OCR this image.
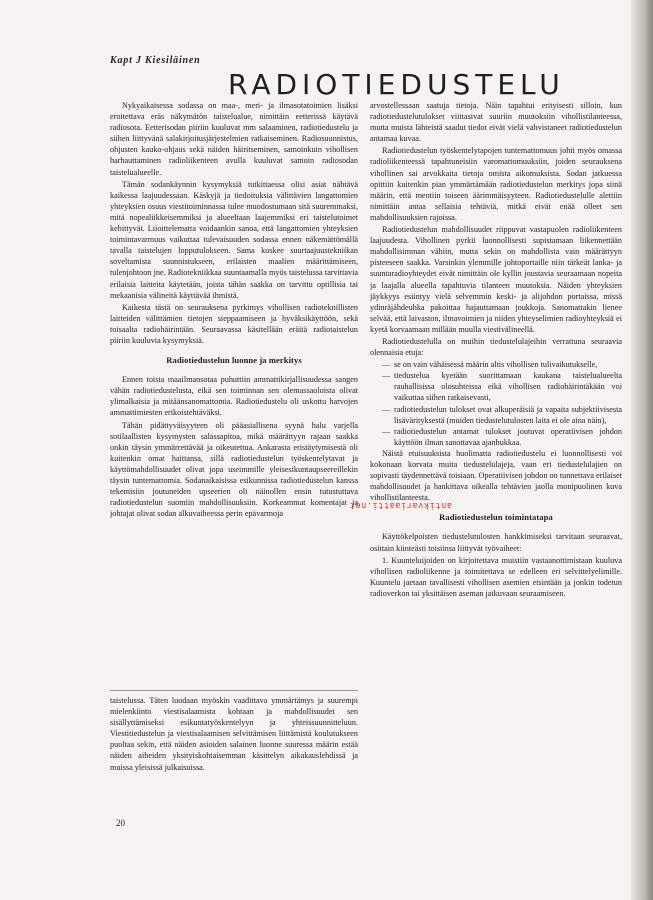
Kapt J Kiesiläinen

RADIOTIEDUSTELU

Nykyaikaisessa sodassa on maa-, meri- ja ilmasotatoimien lisäksi eroitettava eräs näkymätön taistelualue, nimittäin eetterissä käytävä radiosota. Eetterisodan piiriin kuuluvat mm salaaminen, radiotiedustelu ja siihen liittyvänä salakirjoitusjärjestelmien ratkaiseminen. Radiosuunnistus, ohjusten kauko-ohjaus sekä näiden häiritseminen, samoinkuin vihollisen harhauttaminen radioliikenteen avulla kuuluvat samoin radiosodan taistelualueelle.

Tämän sodankäynnin kysymyksiä tutkittaessa olisi asiat nähtävä kaikessa laajuudessaan. Käskyjä ja tiedoituksia välittävien langattomien yhteyksien osuus viestitoiminnassa tulee muodostumaan sitä suuremmaksi, mitä nopealiikkeisemmiksi ja alueeltaan laajemmiksi eri taistelutoimet kehittyvät. Liioittelematta voidaankin sanoa, että langattomien yhteyksien toimintavarmuus vaikuttaa tulevaisuuden sodassa ennen näkemättömällä tavalla taistelujen lopputulokseen. Sama koskee suurtaajuustekniikan soveltamista suunnistukseen, erilaisten maalien määrittämiseen, tulenjohtoon jne. Radiotekniikkaa suuntaamalla myös taistelussa tarvittavia erilaisia laitteita käytetään, joista tähän saakka on tarvittu optillisia tai mekaanisia välineitä käyttävää ihmistä.

Kaikesta tästä on seurauksena pyrkimys vihollisen radioteknillisten laitteiden välittämien tietojen sieppaamiseen ja hyväksikäyttöön, sekä toisaalta radiohäirintään. Seuraavassa käsitellään eräitä radiotaistelun piiriin kuuluvia kysymyksiä.

Radiotiedustelun luonne ja merkitys

Ennen toista maailmansotaa puhuttiin ammattikirjallisuudessa sangen vähän radiotiedustelusta, eikä sen toiminnan sen olemassaoloista olivat ylimalkaisia ja mitäänsanomattomia. Radiotiedustelu oli uskottu harvojen ammattimiesten erikoistehtäväksi.

Tähän pidättyväisyyteen oli pääasiallisena syynä halu varjella sotilaallisten kysymysten salassapitoa, mikä määrättyyn rajaan saakka onkin täysin ymmärrettävää ja oikeutettua. Ankarasta eristäytymisestä oli kuitenkin omat haittansa, sillä radiotiedustelun työskentelytavat ja käyttömahdollisuudet olivat jopa useimmille yleisesikuntaupseereillekin täysin tuntemattomia. Sodanaikaisissa esikunnissa radiotiedustelun kanssa tekemisiin joutuneiden upseerien oli näinollen ensin tutustuttava radiotiedustelun suomiin mahdollisuuksiin. Korkeammat komentajat ja johtajat olivat sodan alkuvaiheessa perin epävarmoja

taistelussa. Täten luodaan myöskin vaadittava ymmärtämys ja suurempi mielenkiinto viestisalaamista kohtaan ja mahdollisuudet sen sisällyttämiseksi esikuntatyöskentelyyn ja yhteissuunnitteluun. Viestitiedustelun ja viestisalaamisen selvittämisen liittämistä koulutukseen puoltaa sekin, että näiden asioiden salainen luonne suuressa määrin estää näiden aiheiden yksityiskohtaisemman käsittelyn aikakauslehdissä ja muissa yleisissä julkaisuissa.

arvostellessaan saatuja tietoja. Näin tapahtui erityisesti silloin, kun radiotiedustelutulokset viittasivat suuriin muutoksiin vihollistilanteessa, mutta muista lähteistä saadut tiedot eivät vielä vahvistaneet radiotiedustelun antamaa kuvaa.

Radiotiedustelun työskentelytapojen tuntemattomuus johti myös omassa radioliikenteessä tapahtuneisiin varomattomuuksiin, joiden seurauksena vihollinen sai arvokkaita tietoja omista aikomuksista. Sodan jatkuessa opittiin kuitenkin pian ymmärtämään radiotiedustelun merkitys jopa siinä määrin, että mentiin toiseen äärimmäisyyteen. Radiotiedustelulle alettiin nimittäin antaa sellaisia tehtäviä, mitkä eivät enää olleet sen mahdollisuuksien rajoissa.

Radiotiedustelun mahdollisuudet riippuvat vastapuolen radioliikenteen laajuudesta. Vihollinen pyrkii luonnollisesti supistamaan liikennettään mahdollisimman vähiin, mutta sekin on mahdollista vain määrättyyn pisteeseen saakka. Varsinkin ylemmille johtoportaille niin tärkeät lanka- ja suuntaradioyhteydet eivät nimittäin ole kyllin joustavia seuraamaan nopeita ja laajalla alueella tapahtuvia tilanteen muutoksia. Näiden yhteyksien jäykkyys esiintyy vielä selvemmin keski- ja alijohdon portaissa, missä ydinräjähdeuhka pakoittaa hajauttamaan joukkoja. Sanomattakin lienee selvää, että laivaston, ilmavoimien ja niiden yhteyselimien radioyhteyksiä ei kyetä korvaamaan millään muulla viestivälineellä.

Radiotiedustelulla on muihin tiedustelulajeihin verrattuna seuraavia olennaisia etuja:

— se on vain vähäisessä määrin altis vihollisen tulivaikutukselle,
— tiedustelua kyetään suorittamaan kaukana taistelualueelta rauhallisissa olosuhteissa eikä vihollisen radiohäirintäkään voi vaikuttaa siihen ratkaisevasti,
— radiotiedustelun tulokset ovat alkuperäisiä ja vapaita subjektiivisesta lisävärityksestä (muiden tiedustelutulosten laita ei ole aina näin),
— radiotiedustelun antamat tulokset joutuvat operatiivisen johdon käyttöön ilman sanottavaa ajanhukkaa.

Näistä etuisuuksista huolimatta radiotiedustelu ei luonnollisesti voi kokonaan korvata muita tiedustelulajeja, vaan eri tiedustelulajien on sopivasti täydennettävä toisiaan. Operatiivisen johdon on tunnettava erilaiset mahdollisuudet ja hankittava oikealla tehtävien jaolla monipuolinen kuva vihollistilanteesta.

Radiotiedustelun toimintatapa

Käyttökelpoisten tiedustelutulosten hankkimiseksi tarvitaan seuraavat, osittain kiinteästi toisiinsa liittyvät työvaiheet:

1. Kuunteluijoiden on kirjoitettava muistiin vastaanottimistaan kuuluva vihollisen radioliikenne ja toimitettava se edelleen eri selvittelyelimille. Kuuntelu jaetaan tavallisesti vihollisen asemien etsintään ja jonkin todetun radioverkon tai yksittäisen aseman jatkuvaan seuraamiseen.

20
antikvariaatti.net
